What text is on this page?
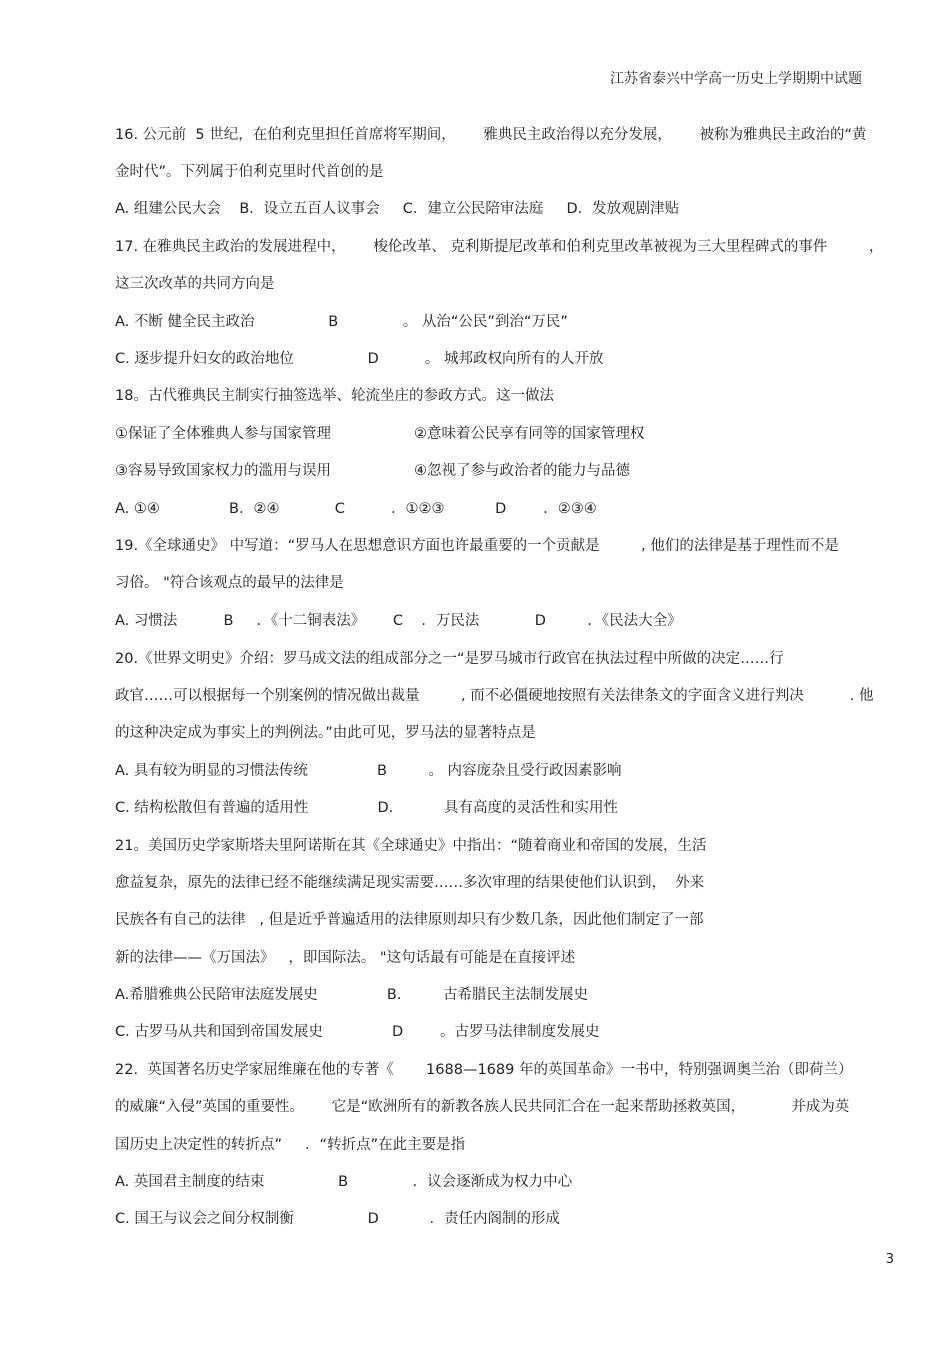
江苏省泰兴中学高一历史上学期期中试题
16. 公元前  5 世纪，在伯利克里担任首席将军期间，      雅典民主政治得以充分发展，      被称为雅典民主政治的“黄
金时代”。下列属于伯利克里时代首创的是
A. 组建公民大会    B．设立五百人议事会     C．建立公民陪审法庭     D．发放观剧津贴
17. 在雅典民主政治的发展进程中，      梭伦改革、 克利斯提尼改革和伯利克里改革被视为三大里程碑式的事件         ，
这三次改革的共同方向是
A. 不断 健全民主政治                B              。 从治“公民”到治“万民”
C. 逐步提升妇女的政治地位                D          。 城邦政权向所有的人开放
18。古代雅典民主制实行抽签选举、轮流坐庄的参政方式。这一做法
①保证了全体雅典人参与国家管理                  ②意味着公民享有同等的国家管理权
③容易导致国家权力的滥用与误用                  ④忽视了参与政治者的能力与品德
A. ①④               B．②④            C          ．①②③           D        ．②③④
19.《全球通史》 中写道：“罗马人在思想意识方面也许最重要的一个贡献是         , 他们的法律是基于理性而不是
习俗。 "符合该观点的最早的法律是
A. 习惯法          B     ．《十二铜表法》      C    ．万民法            D         ．《民法大全》
20.《世界文明史》介绍：罗马成文法的组成部分之一“是罗马城市行政官在执法过程中所做的决定……行
政官……可以根据每一个别案例的情况做出裁量         , 而不必僵硬地按照有关法律条文的字面含义进行判决          . 他
的这种决定成为事实上的判例法。”由此可见，罗马法的显著特点是
A. 具有较为明显的习惯法传统               B         。 内容庞杂且受行政因素影响
C. 结构松散但有普遍的适用性               D.           具有高度的灵活性和实用性
21。美国历史学家斯塔夫里阿诺斯在其《全球通史》中指出：“随着商业和帝国的发展，生活
愈益复杂，原先的法律已经不能继续满足现实需要……多次审理的结果使他们认识到，  外来
民族各有自己的法律   , 但是近乎普遍适用的法律原则却只有少数几条，因此他们制定了一部
新的法律——《万国法》   ，即国际法。 "这句话最有可能是在直接评述
A.希腊雅典公民陪审法庭发展史               B.         古希腊民主法制发展史
C. 古罗马从共和国到帝国发展史               D        。古罗马法律制度发展史
22.  英国著名历史学家屈维廉在他的专著《       1688—1689 年的英国革命》一书中，特别强调奥兰治（即荷兰）
的威廉“入侵”英国的重要性。      它是“欧洲所有的新教各族人民共同汇合在一起来帮助拯救英国，          并成为英
国历史上决定性的转折点”     ．“转折点”在此主要是指
A. 英国君主制度的结束                B              ．议会逐渐成为权力中心
C. 国王与议会之间分权制衡                D           ．责任内阁制的形成
3
